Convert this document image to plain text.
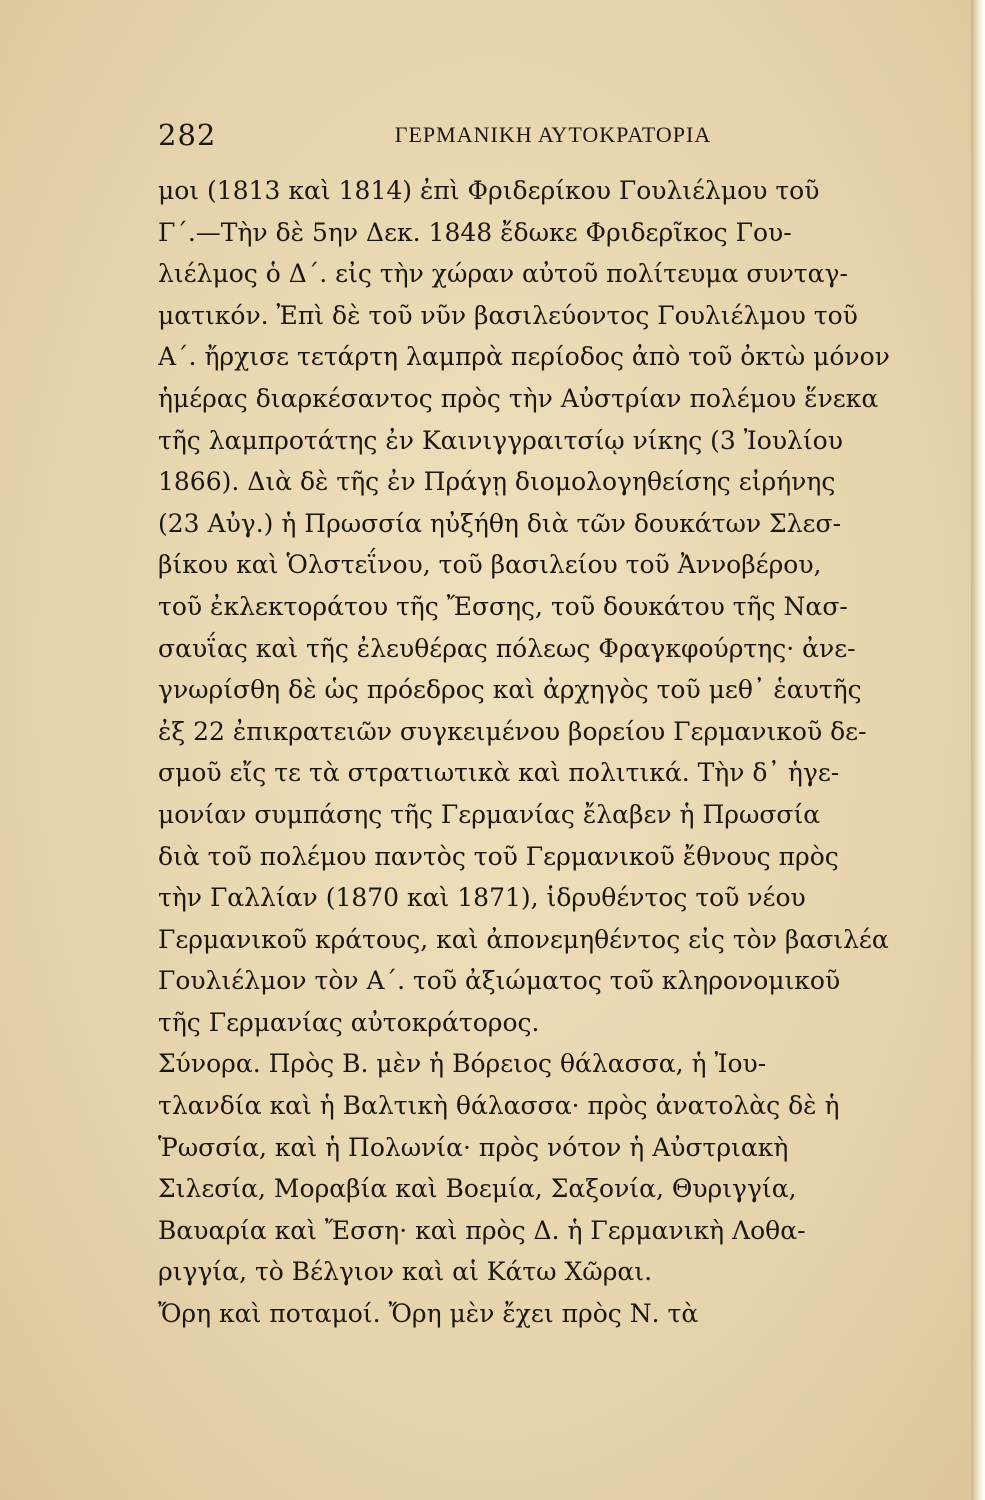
282	ΓΕΡΜΑΝΙΚΗ ΑΥΤΟΚΡΑΤΟΡΙΑ
μοι (1813 καὶ 1814) ἐπὶ Φριδερίκου Γουλιέλμου τοῦ
Γ΄.—Τὴν δὲ 5ην Δεκ. 1848 ἔδωκε Φριδερῖκος Γου-
λιέλμος ὁ Δ΄. εἰς τὴν χώραν αὐτοῦ πολίτευμα συνταγ-
ματικόν. Ἐπὶ δὲ τοῦ νῦν βασιλεύοντος Γουλιέλμου τοῦ
Α΄. ἤρχισε τετάρτη λαμπρὰ περίοδος ἀπὸ τοῦ ὀκτὼ μόνον
ἡμέρας διαρκέσαντος πρὸς τὴν Αὐστρίαν πολέμου ἕνεκα
τῆς λαμπροτάτης ἐν Καινιγγραιτσίῳ νίκης (3 Ἰουλίου
1866). Διὰ δὲ τῆς ἐν Πράγῃ διομολογηθείσης εἰρήνης
(23 Αὐγ.) ἡ Πρωσσία ηὐξήθη διὰ τῶν δουκάτων Σλεσ-
βίκου καὶ Ὁλστεΐνου, τοῦ βασιλείου τοῦ Ἀννοβέρου,
τοῦ ἐκλεκτοράτου τῆς Ἔσσης, τοῦ δουκάτου τῆς Νασ-
σαυΐας καὶ τῆς ἐλευθέρας πόλεως Φραγκφούρτης· ἀνε-
γνωρίσθη δὲ ὡς πρόεδρος καὶ ἀρχηγὸς τοῦ μεθ᾽ ἑαυτῆς
ἐξ 22 ἐπικρατειῶν συγκειμένου βορείου Γερμανικοῦ δε-
σμοῦ εἴς τε τὰ στρατιωτικὰ καὶ πολιτικά. Τὴν δ᾽ ἡγε-
μονίαν συμπάσης τῆς Γερμανίας ἔλαβεν ἡ Πρωσσία
διὰ τοῦ πολέμου παντὸς τοῦ Γερμανικοῦ ἔθνους πρὸς
τὴν Γαλλίαν (1870 καὶ 1871), ἱδρυθέντος τοῦ νέου
Γερμανικοῦ κράτους, καὶ ἀπονεμηθέντος εἰς τὸν βασιλέα
Γουλιέλμον τὸν Α΄. τοῦ ἀξιώματος τοῦ κληρονομικοῦ
τῆς Γερμανίας αὐτοκράτορος.
Σύνορα. Πρὸς Β. μὲν ἡ Βόρειος θάλασσα, ἡ Ἰου-
τλανδία καὶ ἡ Βαλτικὴ θάλασσα· πρὸς ἀνατολὰς δὲ ἡ
Ῥωσσία, καὶ ἡ Πολωνία· πρὸς νότον ἡ Αὐστριακὴ
Σιλεσία, Μοραβία καὶ Βοεμία, Σαξονία, Θυριγγία,
Βαυαρία καὶ Ἔσση· καὶ πρὸς Δ. ἡ Γερμανικὴ Λοθα-
ριγγία, τὸ Βέλγιον καὶ αἱ Κάτω Χῶραι.
Ὄρη καὶ ποταμοί. Ὄρη μὲν ἔχει πρὸς Ν. τὰ
